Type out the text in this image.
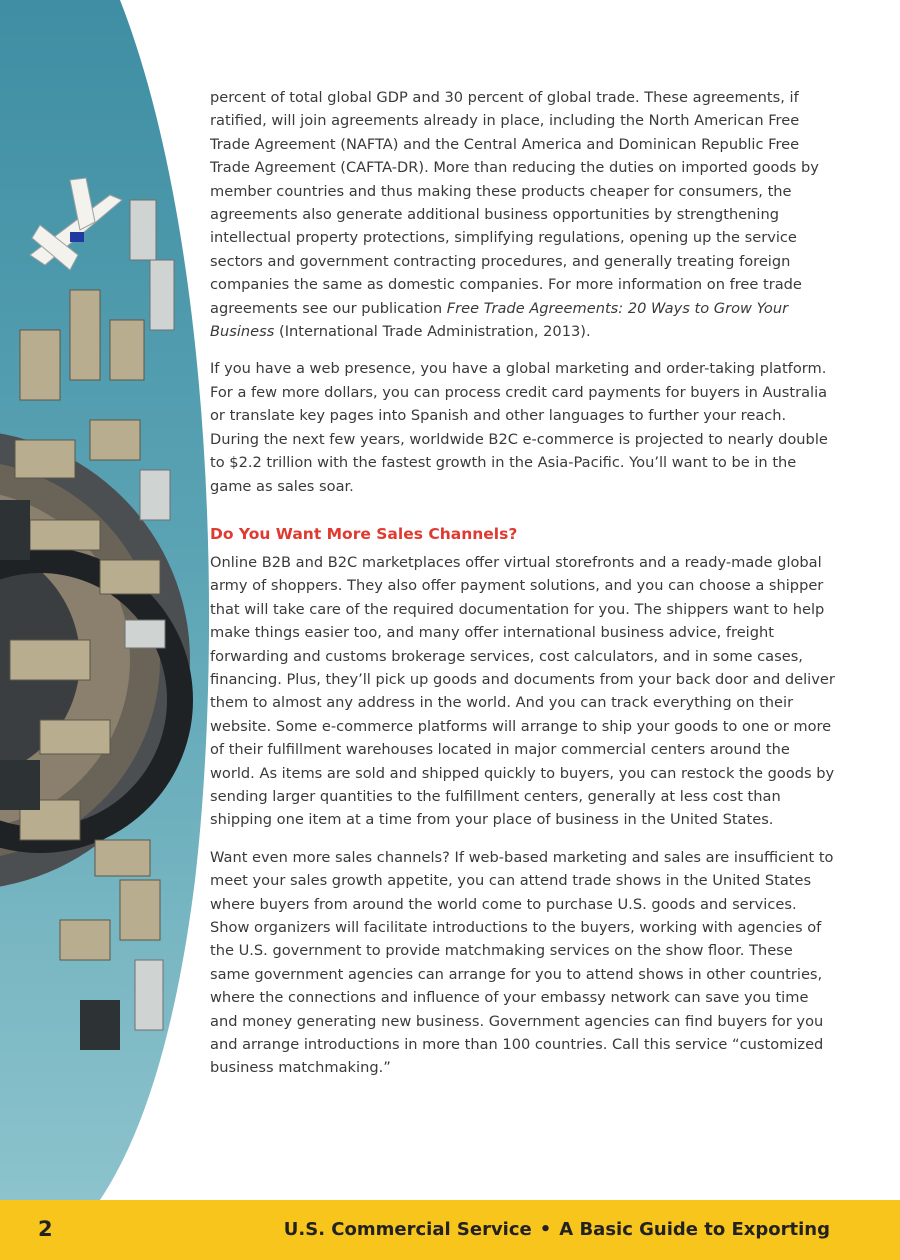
percent of total global GDP and 30 percent of global trade. These agreements, if ratified, will join agreements already in place, including the North American Free Trade Agreement (NAFTA) and the Central America and Dominican Republic Free Trade Agreement (CAFTA-DR). More than reducing the duties on imported goods by member countries and thus making these products cheaper for consumers, the agreements also generate additional business opportunities by strengthening intellectual property protections, simplifying regulations, opening up the service sectors and government contracting procedures, and generally treating foreign companies the same as domestic companies. For more information on free trade agreements see our publication Free Trade Agreements: 20 Ways to Grow Your Business (International Trade Administration, 2013).

If you have a web presence, you have a global marketing and order-taking platform. For a few more dollars, you can process credit card payments for buyers in Australia or translate key pages into Spanish and other languages to further your reach. During the next few years, worldwide B2C e-commerce is projected to nearly double to $2.2 trillion with the fastest growth in the Asia-Pacific. You’ll want to be in the game as sales soar.

Do You Want More Sales Channels?

Online B2B and B2C marketplaces offer virtual storefronts and a ready-made global army of shoppers. They also offer payment solutions, and you can choose a shipper that will take care of the required documentation for you. The shippers want to help make things easier too, and many offer international business advice, freight forwarding and customs brokerage services, cost calculators, and in some cases, financing. Plus, they’ll pick up goods and documents from your back door and deliver them to almost any address in the world. And you can track everything on their website. Some e-commerce platforms will arrange to ship your goods to one or more of their fulfillment warehouses located in major commercial centers around the world. As items are sold and shipped quickly to buyers, you can restock the goods by sending larger quantities to the fulfillment centers, generally at less cost than shipping one item at a time from your place of business in the United States.

Want even more sales channels? If web-based marketing and sales are insufficient to meet your sales growth appetite, you can attend trade shows in the United States where buyers from around the world come to purchase U.S. goods and services. Show organizers will facilitate introductions to the buyers, working with agencies of the U.S. government to provide matchmaking services on the show floor. These same government agencies can arrange for you to attend shows in other countries, where the connections and influence of your embassy network can save you time and money generating new business. Government agencies can find buyers for you and arrange introductions in more than 100 countries. Call this service “customized business matchmaking.”

2	U.S. Commercial Service • A Basic Guide to Exporting
